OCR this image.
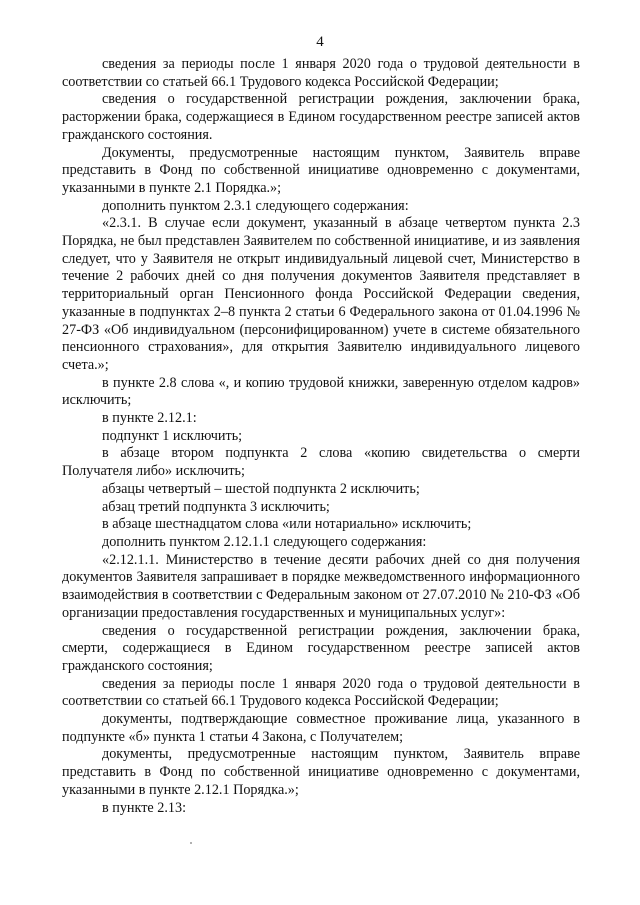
4

сведения за периоды после 1 января 2020 года о трудовой деятельности в соответствии со статьей 66.1 Трудового кодекса Российской Федерации;

сведения о государственной регистрации рождения, заключении брака, расторжении брака, содержащиеся в Едином государственном реестре записей актов гражданского состояния.

Документы, предусмотренные настоящим пунктом, Заявитель вправе представить в Фонд по собственной инициативе одновременно с документами, указанными в пункте 2.1 Порядка.»;

дополнить пунктом 2.3.1 следующего содержания:

«2.3.1. В случае если документ, указанный в абзаце четвертом пункта 2.3 Порядка, не был представлен Заявителем по собственной инициативе, и из заявления следует, что у Заявителя не открыт индивидуальный лицевой счет, Министерство в течение 2 рабочих дней со дня получения документов Заявителя представляет в территориальный орган Пенсионного фонда Российской Федерации сведения, указанные в подпунктах 2–8 пункта 2 статьи 6 Федерального закона от 01.04.1996 № 27-ФЗ «Об индивидуальном (персонифицированном) учете в системе обязательного пенсионного страхования», для открытия Заявителю индивидуального лицевого счета.»;

в пункте 2.8 слова «, и копию трудовой книжки, заверенную отделом кадров» исключить;

в пункте 2.12.1:

подпункт 1 исключить;

в абзаце втором подпункта 2 слова «копию свидетельства о смерти Получателя либо» исключить;

абзацы четвертый – шестой подпункта 2 исключить;

абзац третий подпункта 3 исключить;

в абзаце шестнадцатом слова «или нотариально» исключить;

дополнить пунктом 2.12.1.1 следующего содержания:

«2.12.1.1. Министерство в течение десяти рабочих дней со дня получения документов Заявителя запрашивает в порядке межведомственного информационного взаимодействия в соответствии с Федеральным законом от 27.07.2010 № 210-ФЗ «Об организации предоставления государственных и муниципальных услуг»:

сведения о государственной регистрации рождения, заключении брака, смерти, содержащиеся в Едином государственном реестре записей актов гражданского состояния;

сведения за периоды после 1 января 2020 года о трудовой деятельности в соответствии со статьей 66.1 Трудового кодекса Российской Федерации;

документы, подтверждающие совместное проживание лица, указанного в подпункте «б» пункта 1 статьи 4 Закона, с Получателем;

документы, предусмотренные настоящим пунктом, Заявитель вправе представить в Фонд по собственной инициативе одновременно с документами, указанными в пункте 2.12.1 Порядка.»;

в пункте 2.13:
